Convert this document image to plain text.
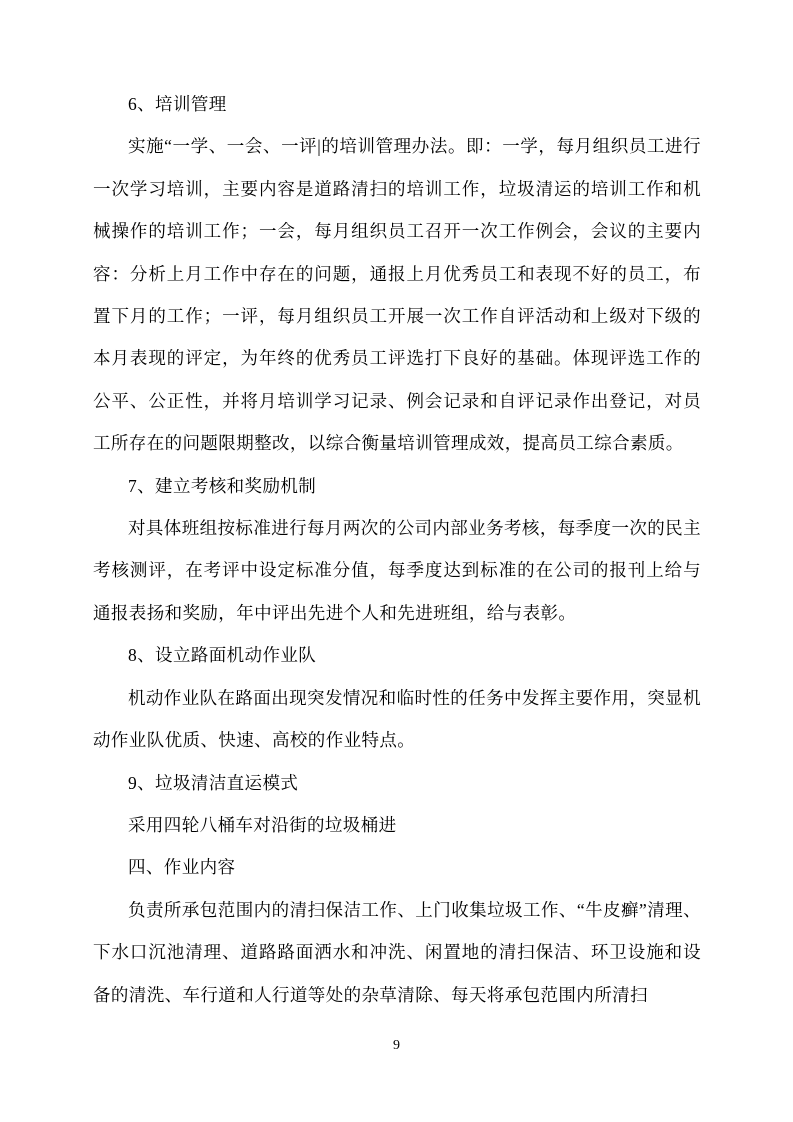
6、培训管理

实施“一学、一会、一评|的培训管理办法。即：一学，每月组织员工进行一次学习培训，主要内容是道路清扫的培训工作，垃圾清运的培训工作和机械操作的培训工作；一会，每月组织员工召开一次工作例会，会议的主要内容：分析上月工作中存在的问题，通报上月优秀员工和表现不好的员工，布置下月的工作；一评，每月组织员工开展一次工作自评活动和上级对下级的本月表现的评定，为年终的优秀员工评选打下良好的基础。体现评选工作的公平、公正性，并将月培训学习记录、例会记录和自评记录作出登记，对员工所存在的问题限期整改，以综合衡量培训管理成效，提高员工综合素质。

7、建立考核和奖励机制

对具体班组按标准进行每月两次的公司内部业务考核，每季度一次的民主考核测评，在考评中设定标准分值，每季度达到标准的在公司的报刊上给与通报表扬和奖励，年中评出先进个人和先进班组，给与表彰。

8、设立路面机动作业队

机动作业队在路面出现突发情况和临时性的任务中发挥主要作用，突显机动作业队优质、快速、高校的作业特点。

9、垃圾清洁直运模式

采用四轮八桶车对沿街的垃圾桶进

四、作业内容

负责所承包范围内的清扫保洁工作、上门收集垃圾工作、“牛皮癣”清理、下水口沉池清理、道路路面洒水和冲洗、闲置地的清扫保洁、环卫设施和设备的清洗、车行道和人行道等处的杂草清除、每天将承包范围内所清扫

9
